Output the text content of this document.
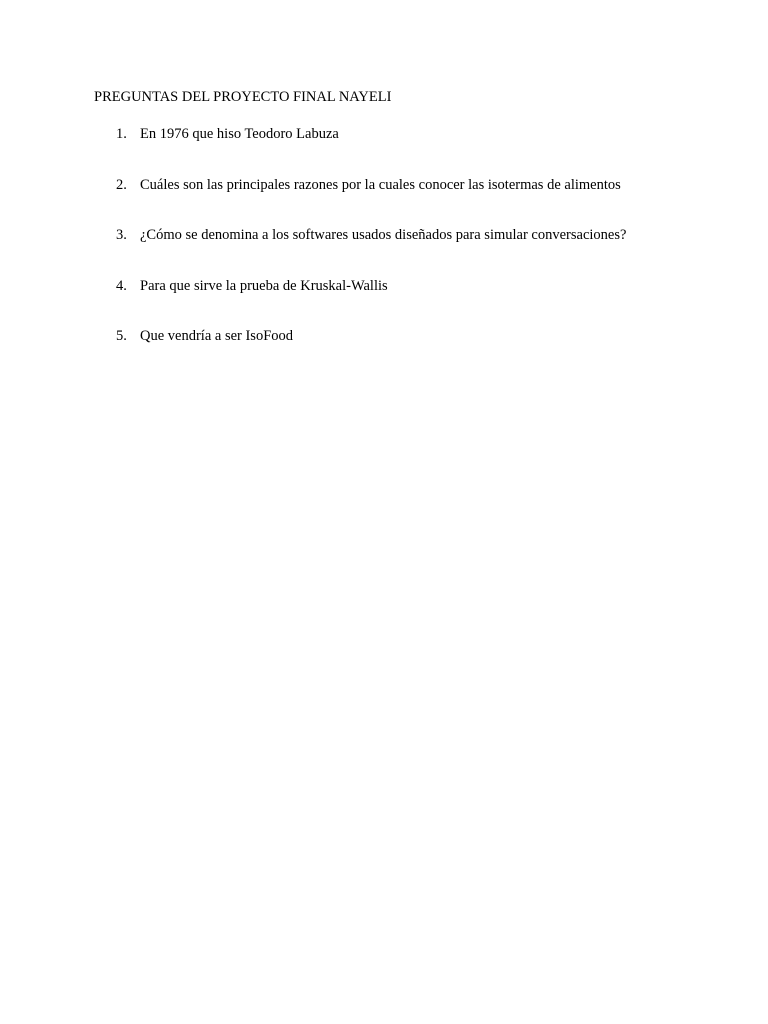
PREGUNTAS DEL PROYECTO FINAL NAYELI
1. En 1976 que hiso Teodoro Labuza
2. Cuáles son las principales razones por la cuales conocer las isotermas de alimentos
3. ¿Cómo se denomina a los softwares usados diseñados para simular conversaciones?
4. Para que sirve la prueba de Kruskal-Wallis
5. Que vendría a ser IsoFood
